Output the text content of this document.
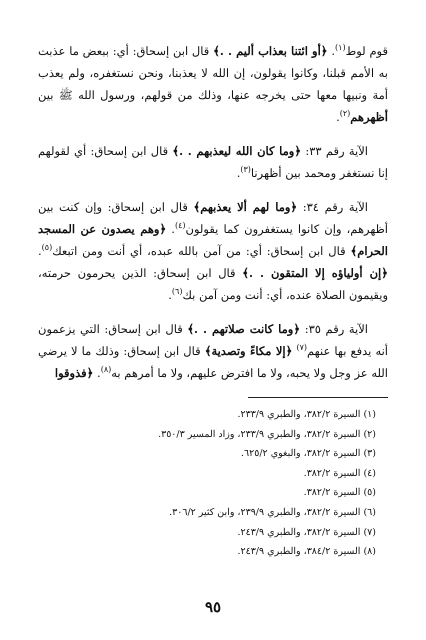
قوم لوط$^{(١)}$. ﴿أو ائتنا بعذاب أليم . .﴾ قال ابن إسحاق: أي: ببعض ما عذبت به الأمم قبلنا، وكانوا يقولون، إن الله لا يعذبنا، ونحن نستغفره، ولم يعذب أمة ونبيها معها حتى يخرجه عنها، وذلك من قولهم، ورسول الله ﷺ بين أظهرهم$^{(٢)}$.

الآية رقم ٣٣: ﴿وما كان الله ليعذبهم . .﴾ قال ابن إسحاق: أي لقولهم إنا نستغفر ومحمد بين أظهرنا$^{(٣)}$.

الآية رقم ٣٤: ﴿وما لهم ألا يعذبهم﴾ قال ابن إسحاق: وإن كنت بين أظهرهم، وإن كانوا يستغفرون كما يقولون$^{(٤)}$. ﴿وهم يصدون عن المسجد الحرام﴾ قال ابن إسحاق: أي: من آمن بالله عبده، أي أنت ومن اتبعك$^{(٥)}$. ﴿إن أولياؤه إلا المتقون . .﴾ قال ابن إسحاق: الذين يحرمون حرمته، ويقيمون الصلاة عنده، أي: أنت ومن آمن بك$^{(٦)}$.

الآية رقم ٣٥: ﴿وما كانت صلاتهم . .﴾ قال ابن إسحاق: التي يزعمون أنه يدفع بها عنهم$^{(٧)}$ ﴿إلا مكاءً وتصدية﴾ قال ابن إسحاق: وذلك ما لا يرضي الله عز وجل ولا يحبه، ولا ما افترض عليهم، ولا ما أمرهم به$^{(٨)}$. ﴿فذوقوا

(١) السيرة ٣٨٢/٢، والطبري ٢٣٣/٩.
(٢) السيرة ٣٨٢/٢، والطبري ٢٣٣/٩، وزاد المسير ٣٥٠/٣.
(٣) السيرة ٣٨٢/٢، والبغوي ٦٢٥/٢.
(٤) السيرة ٣٨٢/٢.
(٥) السيرة ٣٨٢/٢.
(٦) السيرة ٣٨٢/٢، والطبري ٢٣٩/٩، وابن كثير ٣٠٦/٢.
(٧) السيرة ٣٨٢/٢، والطبري ٢٤٣/٩.
(٨) السيرة ٣٨٤/٢، والطبري ٢٤٣/٩.
٩٥
